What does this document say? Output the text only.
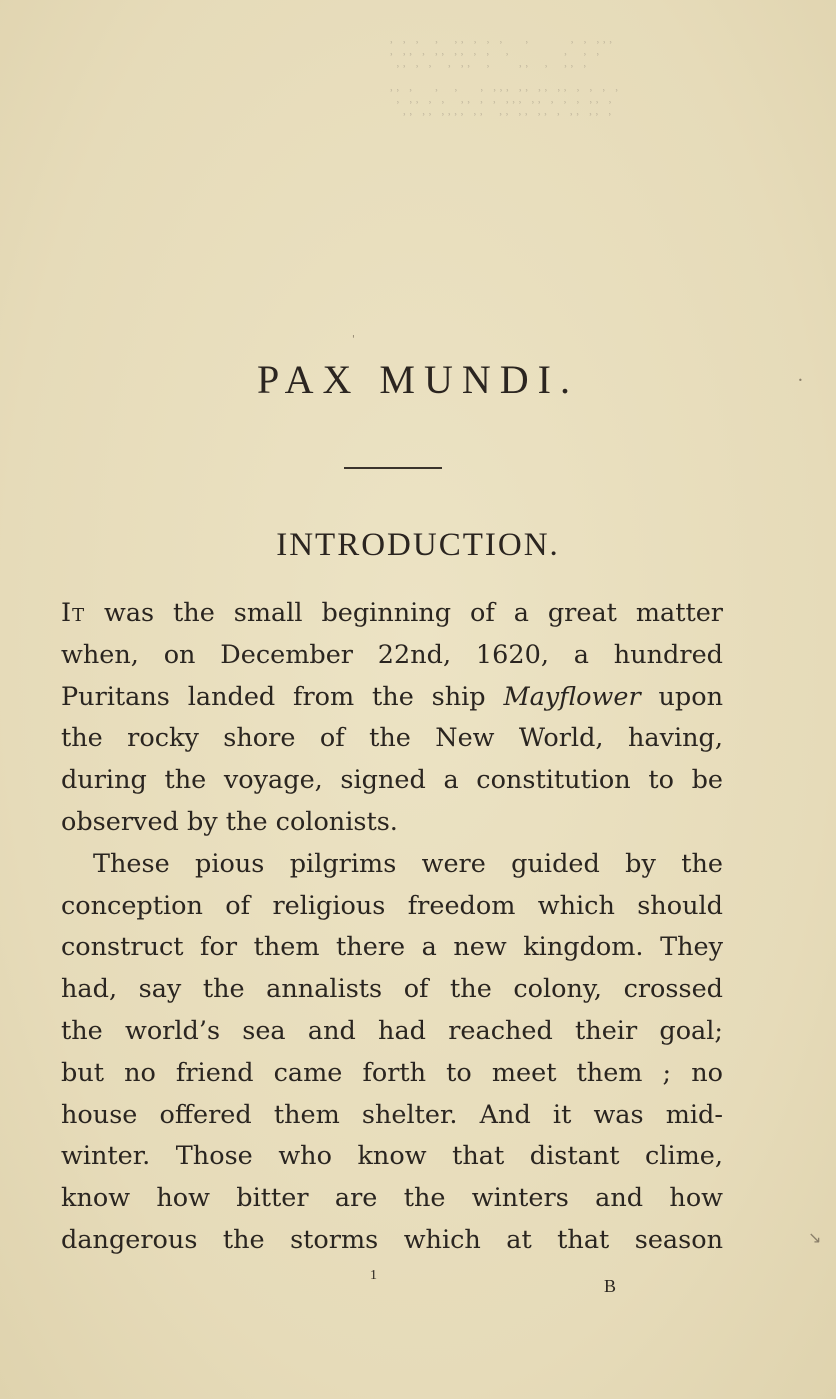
ʾ ʾ ʾ  ʾ  ʾʾ ʾ ʾ ʾ   ʾ      ʾ ʾ ʾʾʾ
ʾ ʾʾ ʾ ʾʾ ʾʾ ʾ ʾ  ʾ        ʾ  ʾ ʾ
ʾʾ ʾ ʾ  ʾ ʾʾ  ʾ    ʾʾ  ʾ  ʾʾ ʾ

ʾʾ ʾ   ʾ  ʾ   ʾ ʾʾʾ ʾʾ ʾʾ ʾʾ ʾ ʾ ʾ ʾ
ʾ ʾʾ ʾ ʾ  ʾʾ ʾ ʾ ʾʾʾ ʾʾ ʾ ʾ ʾ ʾʾ ʾ
ʾʾ ʾʾ ʾʾʾʾ ʾʾ  ʾʾ ʾʾ ʾʾ ʾ ʾʾ ʾʾ ʾ
PAX MUNDI.
INTRODUCTION.

It was the small beginning of a great matter
when, on December 22nd, 1620, a hundred
Puritans landed from the ship Mayflower upon
the rocky shore of the New World, having,
during the voyage, signed a constitution to be
observed by the colonists.

These pious pilgrims were guided by the
conception of religious freedom which should
construct for them there a new kingdom. They
had, say the annalists of the colony, crossed
the world’s sea and had reached their goal;
but no friend came forth to meet them ; no
house offered them shelter. And it was mid-
winter. Those who know that distant clime,
know how bitter are the winters and how
dangerous the storms which at that season

1
B
↘
'
•
